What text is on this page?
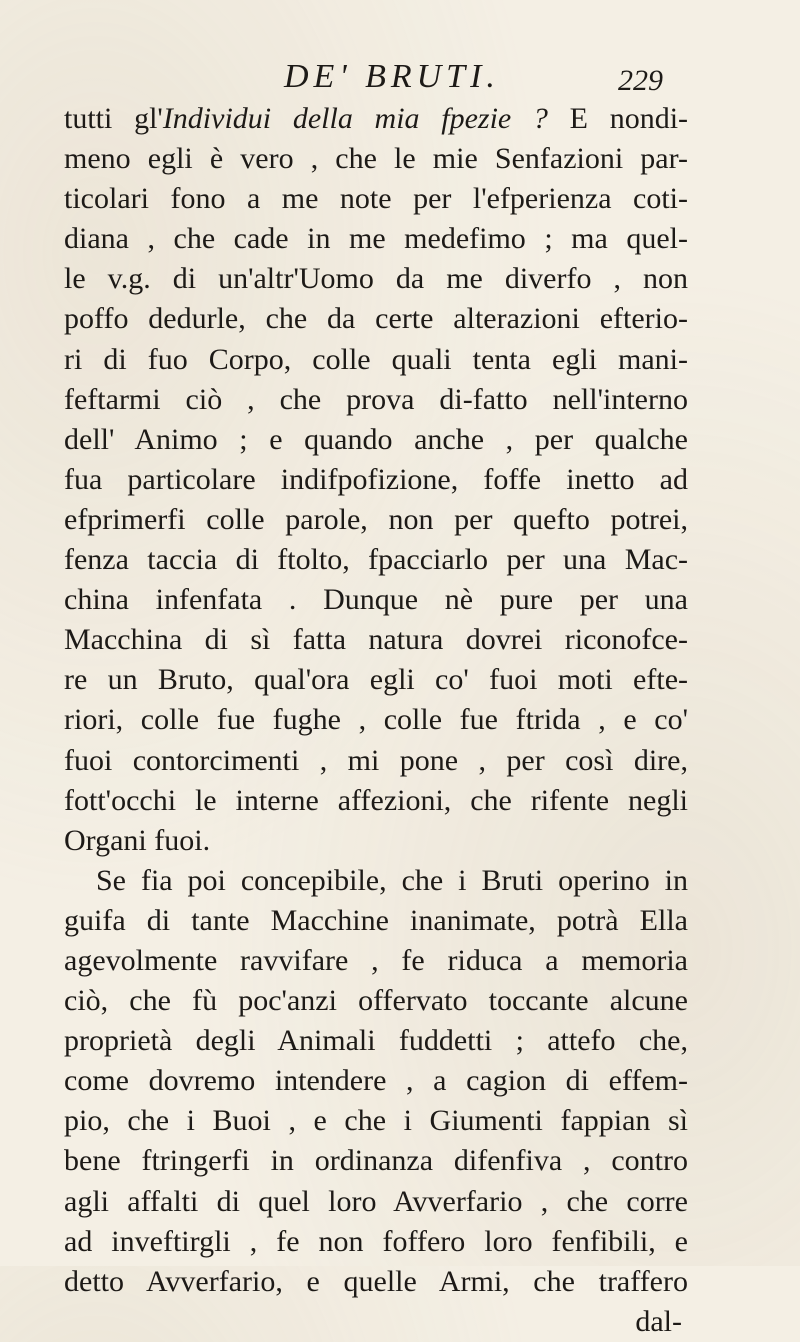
DE' BRUTI.	229
tutti gl'Individui della mia fpezie ? E nondi-
meno egli è vero , che le mie Senfazioni par-
ticolari fono a me note per l'efperienza coti-
diana , che cade in me medefimo ; ma quel-
le v.g. di un'altr'Uomo da me diverfo , non
poffo dedurle, che da certe alterazioni efterio-
ri di fuo Corpo, colle quali tenta egli mani-
feftarmi ciò , che prova di-fatto nell'interno
dell' Animo ; e quando anche , per qualche
fua particolare indifpofizione, foffe inetto ad
efprimerfi colle parole, non per quefto potrei,
fenza taccia di ftolto, fpacciarlo per una Mac-
china infenfata . Dunque nè pure per una
Macchina di sì fatta natura dovrei riconofce-
re un Bruto, qual'ora egli co' fuoi moti efte-
riori, colle fue fughe , colle fue ftrida , e co'
fuoi contorcimenti , mi pone , per così dire,
fott'occhi le interne affezioni, che rifente negli
Organi fuoi.
Se fia poi concepibile, che i Bruti operino in
guifa di tante Macchine inanimate, potrà Ella
agevolmente ravvifare , fe riduca a memoria
ciò, che fù poc'anzi offervato toccante alcune
proprietà degli Animali fuddetti ; attefo che,
come dovremo intendere , a cagion di effem-
pio, che i Buoi , e che i Giumenti fappian sì
bene ftringerfi in ordinanza difenfiva , contro
agli affalti di quel loro Avverfario , che corre
ad inveftirgli , fe non foffero loro fenfibili, e
detto Avverfario, e quelle Armi, che traffero
dal-
